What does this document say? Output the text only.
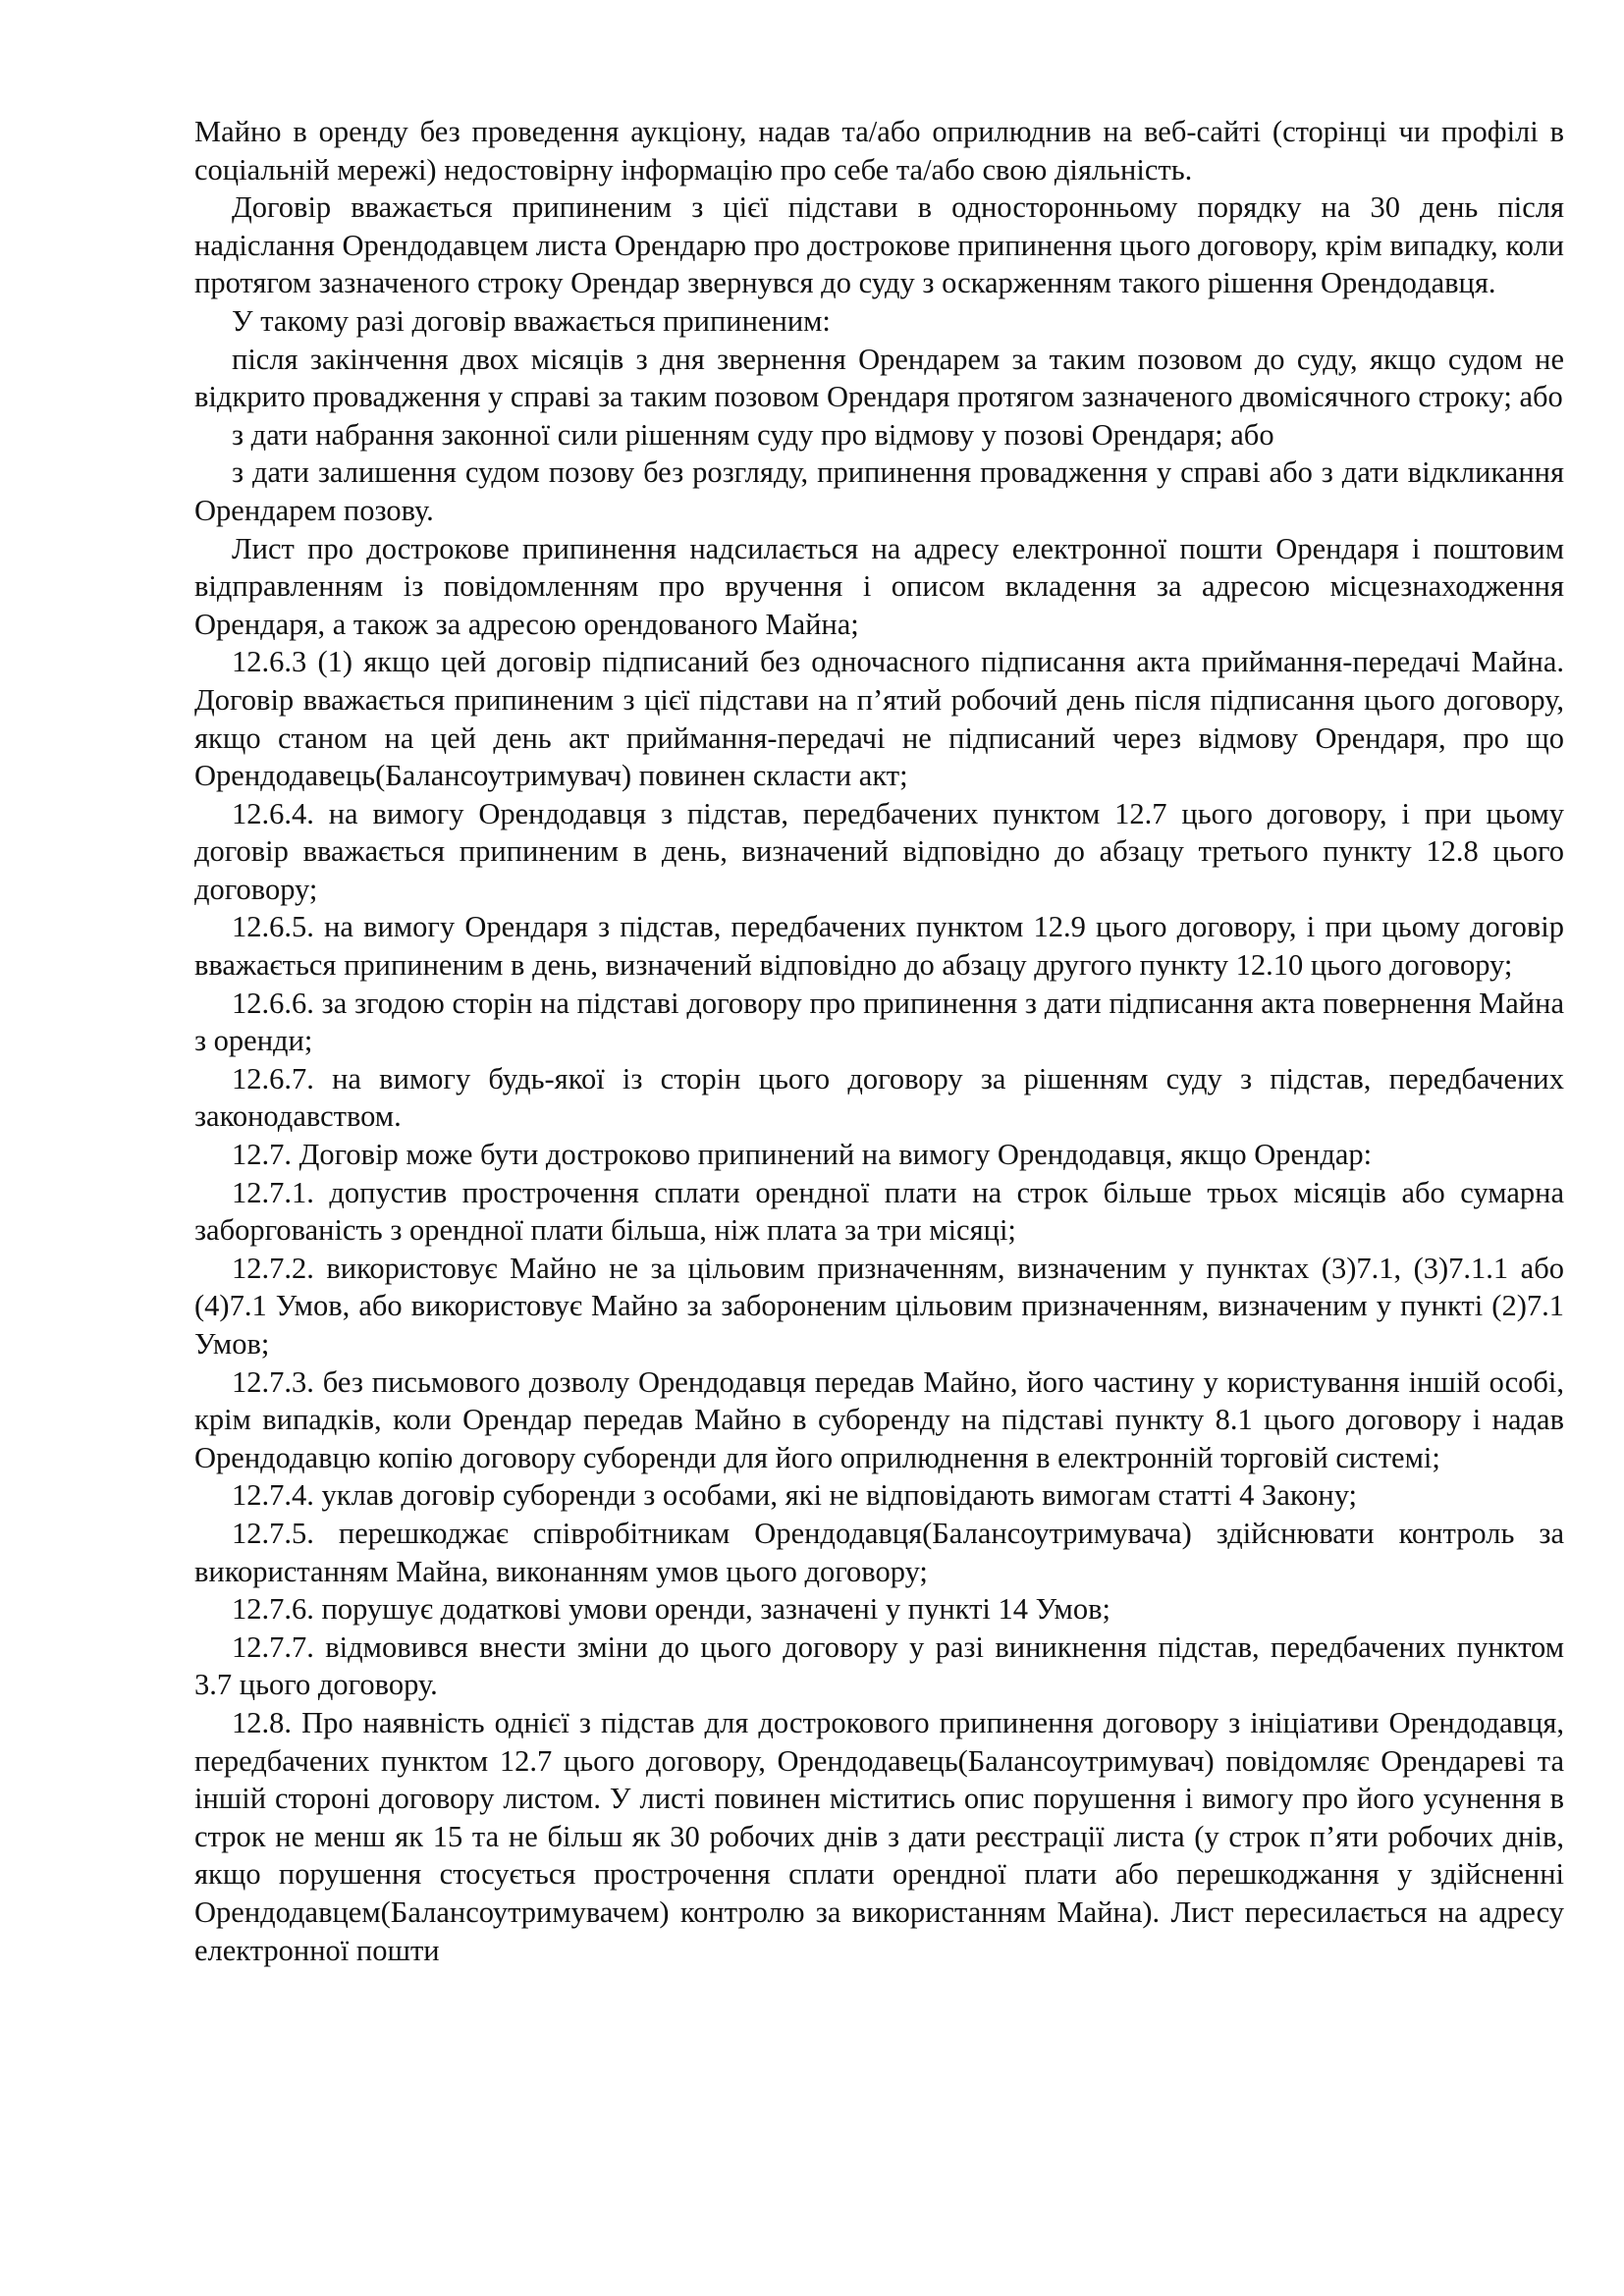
Майно в оренду без проведення аукціону, надав та/або оприлюднив на веб-сайті (сторінці чи профілі в соціальній мережі) недостовірну інформацію про себе та/або свою діяльність.

Договір вважається припиненим з цієї підстави в односторонньому порядку на 30 день після надіслання Орендодавцем листа Орендарю про дострокове припинення цього договору, крім випадку, коли протягом зазначеного строку Орендар звернувся до суду з оскарженням такого рішення Орендодавця.

У такому разі договір вважається припиненим:

після закінчення двох місяців з дня звернення Орендарем за таким позовом до суду, якщо судом не відкрито провадження у справі за таким позовом Орендаря протягом зазначеного двомісячного строку; або

з дати набрання законної сили рішенням суду про відмову у позові Орендаря; або

з дати залишення судом позову без розгляду, припинення провадження у справі або з дати відкликання Орендарем позову.

Лист про дострокове припинення надсилається на адресу електронної пошти Орендаря і поштовим відправленням із повідомленням про вручення і описом вкладення за адресою місцезнаходження Орендаря, а також за адресою орендованого Майна;

12.6.3 (1) якщо цей договір підписаний без одночасного підписання акта приймання-передачі Майна. Договір вважається припиненим з цієї підстави на п’ятий робочий день після підписання цього договору, якщо станом на цей день акт приймання-передачі не підписаний через відмову Орендаря, про що Орендодавець(Балансоутримувач) повинен скласти акт;

12.6.4. на вимогу Орендодавця з підстав, передбачених пунктом 12.7 цього договору, і при цьому договір вважається припиненим в день, визначений відповідно до абзацу третього пункту 12.8 цього договору;

12.6.5. на вимогу Орендаря з підстав, передбачених пунктом 12.9 цього договору, і при цьому договір вважається припиненим в день, визначений відповідно до абзацу другого пункту 12.10 цього договору;

12.6.6. за згодою сторін на підставі договору про припинення з дати підписання акта повернення Майна з оренди;

12.6.7. на вимогу будь-якої із сторін цього договору за рішенням суду з підстав, передбачених законодавством.

12.7. Договір може бути достроково припинений на вимогу Орендодавця, якщо Орендар:

12.7.1. допустив прострочення сплати орендної плати на строк більше трьох місяців або сумарна заборгованість з орендної плати більша, ніж плата за три місяці;

12.7.2. використовує Майно не за цільовим призначенням, визначеним у пунктах (3)7.1, (3)7.1.1 або (4)7.1 Умов, або використовує Майно за забороненим цільовим призначенням, визначеним у пункті (2)7.1 Умов;

12.7.3. без письмового дозволу Орендодавця передав Майно, його частину у користування іншій особі, крім випадків, коли Орендар передав Майно в суборенду на підставі пункту 8.1 цього договору і надав Орендодавцю копію договору суборенди для його оприлюднення в електронній торговій системі;

12.7.4. уклав договір суборенди з особами, які не відповідають вимогам статті 4 Закону;

12.7.5. перешкоджає співробітникам Орендодавця(Балансоутримувача) здійснювати контроль за використанням Майна, виконанням умов цього договору;

12.7.6. порушує додаткові умови оренди, зазначені у пункті 14 Умов;

12.7.7. відмовився внести зміни до цього договору у разі виникнення підстав, передбачених пунктом 3.7 цього договору.

12.8. Про наявність однієї з підстав для дострокового припинення договору з ініціативи Орендодавця, передбачених пунктом 12.7 цього договору, Орендодавець(Балансоутримувач) повідомляє Орендареві та іншій стороні договору листом. У листі повинен міститись опис порушення і вимогу про його усунення в строк не менш як 15 та не більш як 30 робочих днів з дати реєстрації листа (у строк п’яти робочих днів, якщо порушення стосується прострочення сплати орендної плати або перешкоджання у здійсненні Орендодавцем(Балансоутримувачем) контролю за використанням Майна). Лист пересилається на адресу електронної пошти
